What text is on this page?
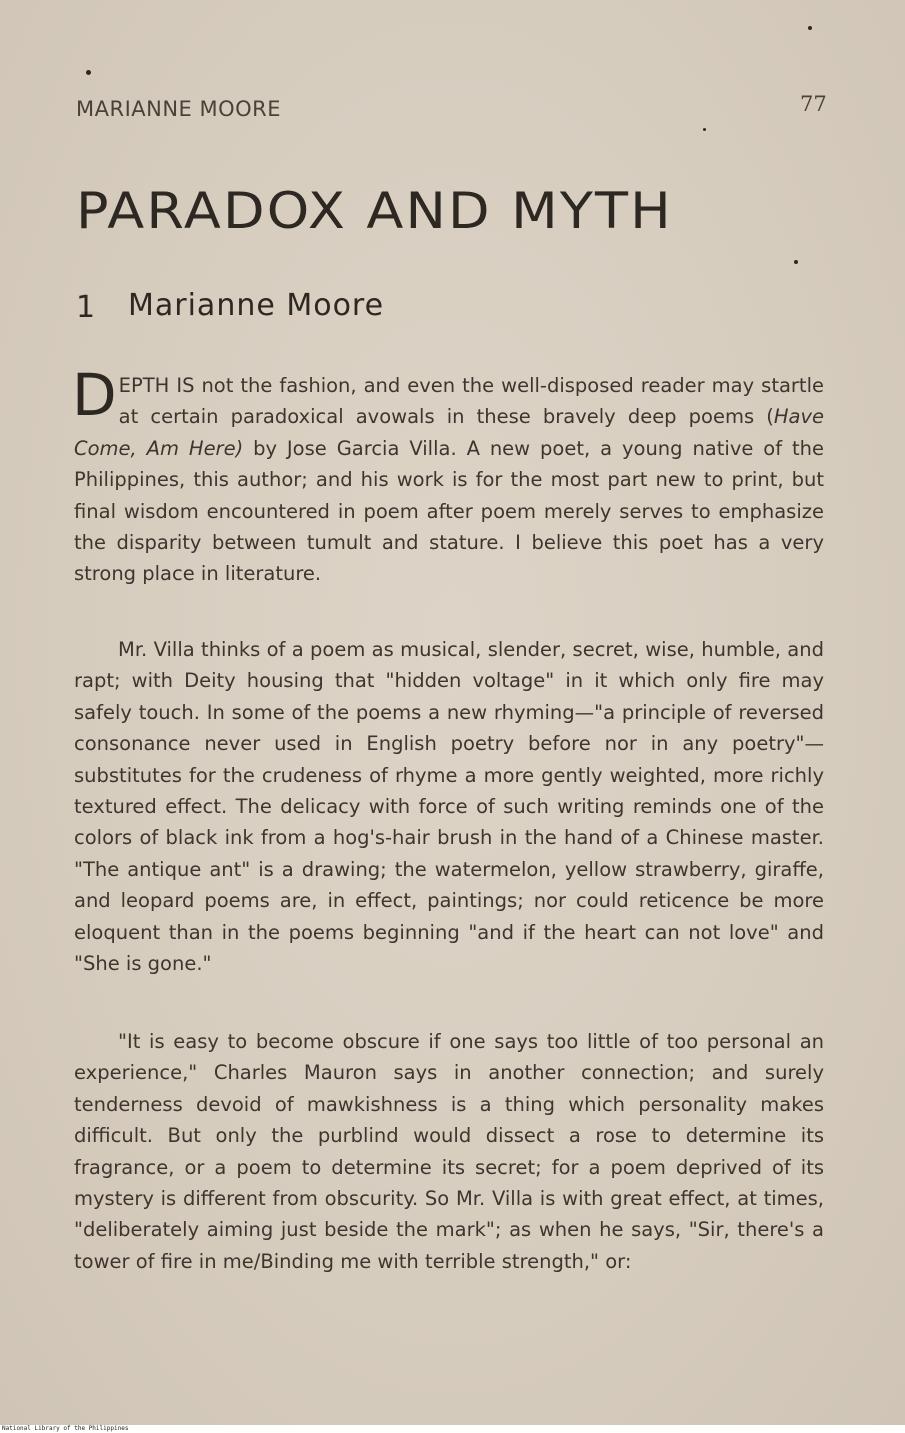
MARIANNE MOORE	77
PARADOX AND MYTH
1 Marianne Moore

DEPTH IS not the fashion, and even the well-disposed reader may startle at certain paradoxical avowals in these bravely deep poems (Have Come, Am Here) by Jose Garcia Villa. A new poet, a young native of the Philippines, this author; and his work is for the most part new to print, but final wisdom encountered in poem after poem merely serves to emphasize the disparity between tumult and stature. I believe this poet has a very strong place in literature.

Mr. Villa thinks of a poem as musical, slender, secret, wise, humble, and rapt; with Deity housing that "hidden voltage" in it which only fire may safely touch. In some of the poems a new rhyming—"a principle of reversed consonance never used in English poetry before nor in any poetry"—substitutes for the crudeness of rhyme a more gently weighted, more richly textured effect. The delicacy with force of such writing reminds one of the colors of black ink from a hog's-hair brush in the hand of a Chinese master. "The antique ant" is a drawing; the watermelon, yellow strawberry, giraffe, and leopard poems are, in effect, paintings; nor could reticence be more eloquent than in the poems beginning "and if the heart can not love" and "She is gone."

"It is easy to become obscure if one says too little of too personal an experience," Charles Mauron says in another connection; and surely tenderness devoid of mawkishness is a thing which personality makes difficult. But only the purblind would dissect a rose to determine its fragrance, or a poem to determine its secret; for a poem deprived of its mystery is different from obscurity. So Mr. Villa is with great effect, at times, "deliberately aiming just beside the mark"; as when he says, "Sir, there's a tower of fire in me/Binding me with terrible strength," or:

National Library of the Philippines
